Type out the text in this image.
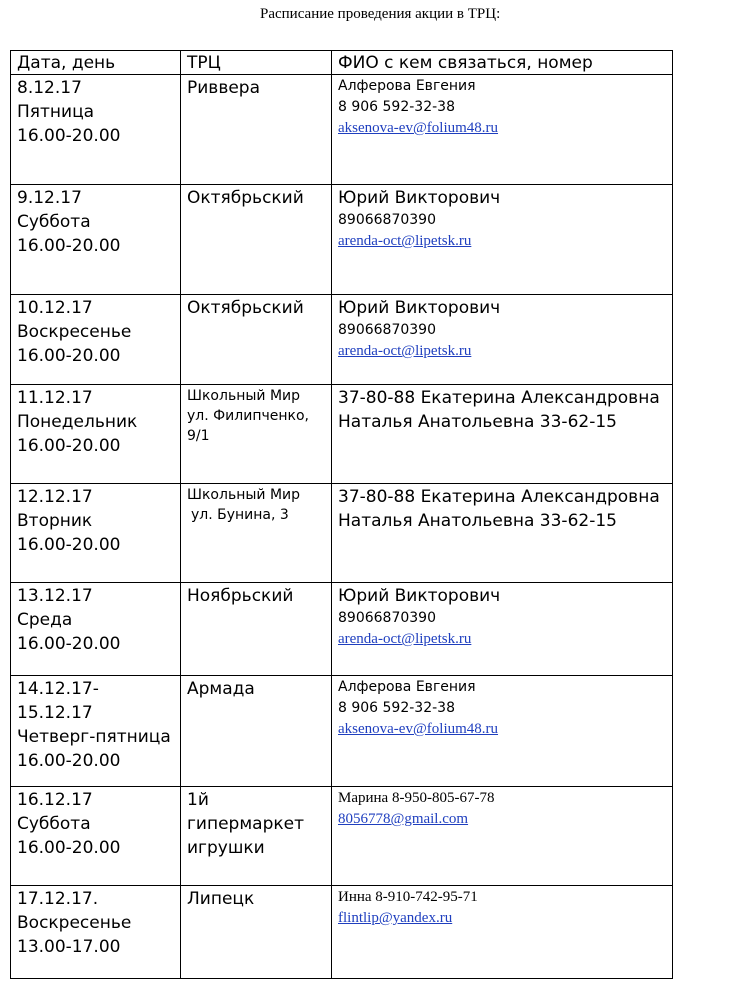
Расписание проведения акции в ТРЦ:
Дата, день	ТРЦ	ФИО с кем связаться, номер

8.12.17
Пятница
16.00-20.00	Риввера	Алферова Евгения
8 906 592-32-38
aksenova-ev@folium48.ru

9.12.17
Суббота
16.00-20.00	Октябрьский	Юрий Викторович
89066870390
arenda-oct@lipetsk.ru

10.12.17
Воскресенье
16.00-20.00	Октябрьский	Юрий Викторович
89066870390
arenda-oct@lipetsk.ru

11.12.17
Понедельник
16.00-20.00	Школьный Мир
ул. Филипченко, 9/1	37-80-88 Екатерина Александровна
Наталья Анатольевна 33-62-15

12.12.17
Вторник
16.00-20.00	Школьный Мир
ул. Бунина, 3	37-80-88 Екатерина Александровна
Наталья Анатольевна 33-62-15

13.12.17
Среда
16.00-20.00	Ноябрьский	Юрий Викторович
89066870390
arenda-oct@lipetsk.ru

14.12.17-
15.12.17
Четверг-пятница
16.00-20.00	Армада	Алферова Евгения
8 906 592-32-38
aksenova-ev@folium48.ru

16.12.17
Суббота
16.00-20.00	1й гипермаркет игрушки	Марина 8-950-805-67-78
8056778@gmail.com

17.12.17.
Воскресенье
13.00-17.00	Липецк	Инна 8-910-742-95-71
flintlip@yandex.ru
